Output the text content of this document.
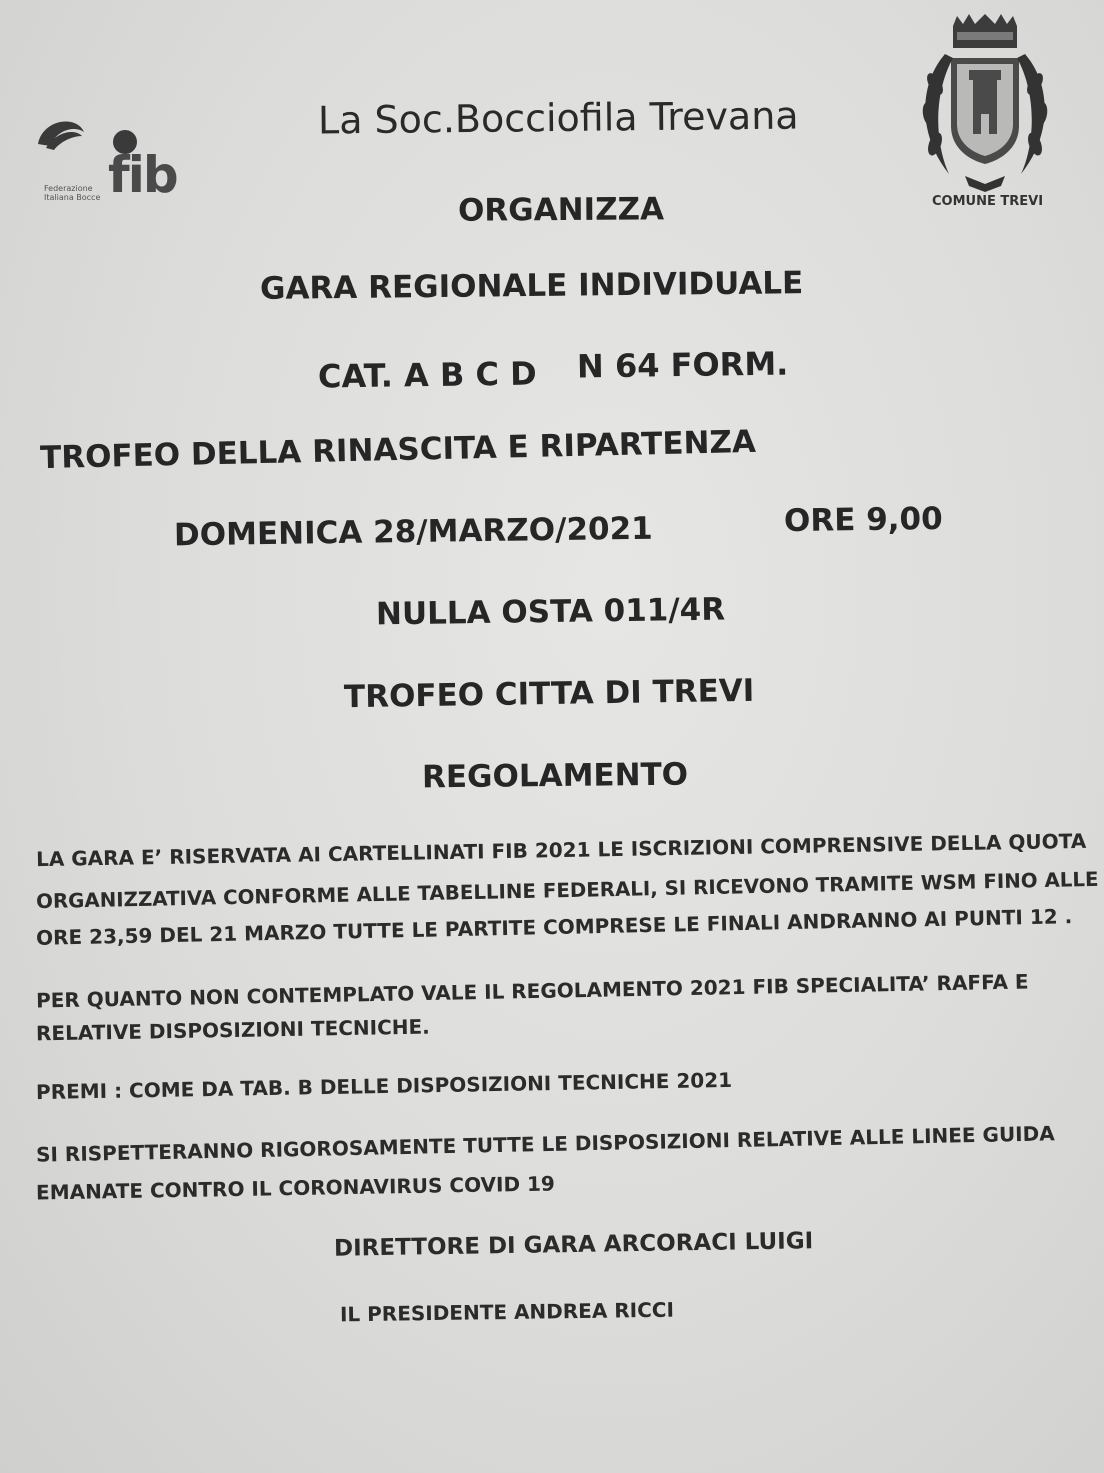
fib
Federazione
Italiana Bocce
La Soc.Bocciofila Trevana
COMUNE TREVI
ORGANIZZA
GARA REGIONALE INDIVIDUALE
CAT. A B C D N 64 FORM.
TROFEO DELLA RINASCITA E RIPARTENZA
DOMENICA 28/MARZO/2021	ORE 9,00
NULLA OSTA 011/4R
TROFEO CITTA DI TREVI
REGOLAMENTO
LA GARA E’ RISERVATA AI CARTELLINATI FIB 2021 LE ISCRIZIONI COMPRENSIVE DELLA QUOTA
ORGANIZZATIVA CONFORME ALLE TABELLINE FEDERALI, SI RICEVONO TRAMITE WSM FINO ALLE
ORE 23,59 DEL 21 MARZO TUTTE LE PARTITE COMPRESE LE FINALI ANDRANNO AI PUNTI 12 .
PER QUANTO NON CONTEMPLATO VALE IL REGOLAMENTO 2021 FIB SPECIALITA’ RAFFA E
RELATIVE DISPOSIZIONI TECNICHE.
PREMI : COME DA TAB. B DELLE DISPOSIZIONI TECNICHE 2021
SI RISPETTERANNO RIGOROSAMENTE TUTTE LE DISPOSIZIONI RELATIVE ALLE LINEE GUIDA
EMANATE CONTRO IL CORONAVIRUS COVID 19
DIRETTORE DI GARA ARCORACI LUIGI
IL PRESIDENTE ANDREA RICCI
